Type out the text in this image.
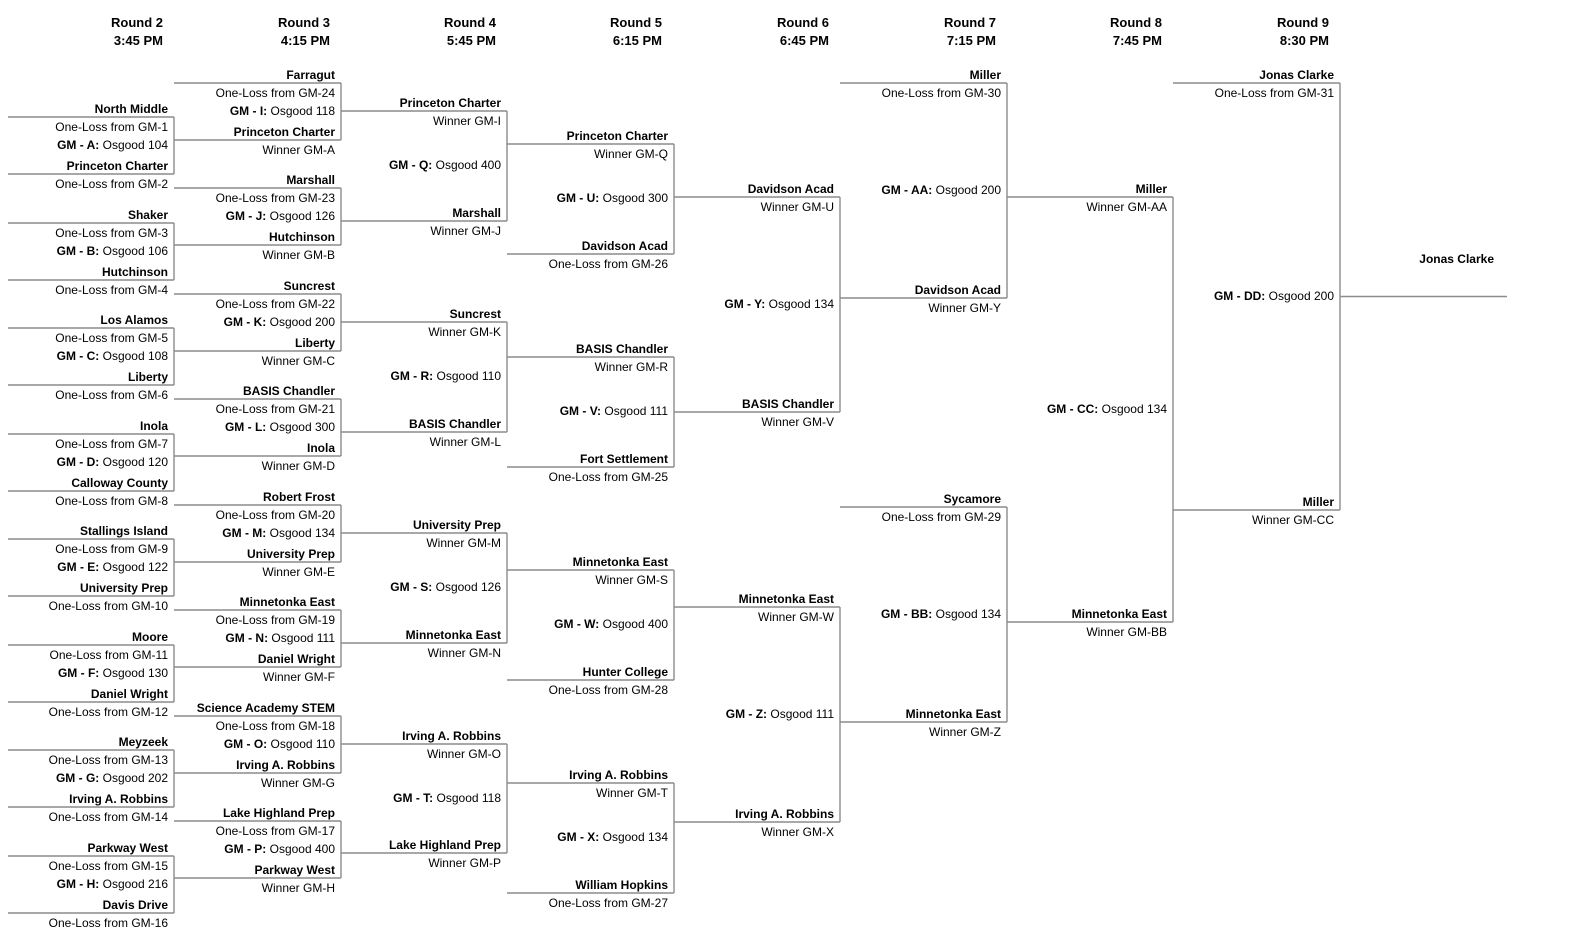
Round 2
3:45 PM
Round 3
4:15 PM
Round 4
5:45 PM
Round 5
6:15 PM
Round 6
6:45 PM
Round 7
7:15 PM
Round 8
7:45 PM
Round 9
8:30 PM
North Middle
One-Loss from GM-1
GM - A: Osgood 104
Princeton Charter
One-Loss from GM-2
Shaker
One-Loss from GM-3
GM - B: Osgood 106
Hutchinson
One-Loss from GM-4
Los Alamos
One-Loss from GM-5
GM - C: Osgood 108
Liberty
One-Loss from GM-6
Inola
One-Loss from GM-7
GM - D: Osgood 120
Calloway County
One-Loss from GM-8
Stallings Island
One-Loss from GM-9
GM - E: Osgood 122
University Prep
One-Loss from GM-10
Moore
One-Loss from GM-11
GM - F: Osgood 130
Daniel Wright
One-Loss from GM-12
Meyzeek
One-Loss from GM-13
GM - G: Osgood 202
Irving A. Robbins
One-Loss from GM-14
Parkway West
One-Loss from GM-15
GM - H: Osgood 216
Davis Drive
One-Loss from GM-16
Farragut
One-Loss from GM-24
GM - I: Osgood 118
Princeton Charter
Winner GM-A
Marshall
One-Loss from GM-23
GM - J: Osgood 126
Hutchinson
Winner GM-B
Suncrest
One-Loss from GM-22
GM - K: Osgood 200
Liberty
Winner GM-C
BASIS Chandler
One-Loss from GM-21
GM - L: Osgood 300
Inola
Winner GM-D
Robert Frost
One-Loss from GM-20
GM - M: Osgood 134
University Prep
Winner GM-E
Minnetonka East
One-Loss from GM-19
GM - N: Osgood 111
Daniel Wright
Winner GM-F
Science Academy STEM
One-Loss from GM-18
GM - O: Osgood 110
Irving A. Robbins
Winner GM-G
Lake Highland Prep
One-Loss from GM-17
GM - P: Osgood 400
Parkway West
Winner GM-H
Princeton Charter
Winner GM-I
GM - Q: Osgood 400
Marshall
Winner GM-J
Suncrest
Winner GM-K
GM - R: Osgood 110
BASIS Chandler
Winner GM-L
University Prep
Winner GM-M
GM - S: Osgood 126
Minnetonka East
Winner GM-N
Irving A. Robbins
Winner GM-O
GM - T: Osgood 118
Lake Highland Prep
Winner GM-P
Princeton Charter
Winner GM-Q
GM - U: Osgood 300
Davidson Acad
One-Loss from GM-26
BASIS Chandler
Winner GM-R
GM - V: Osgood 111
Fort Settlement
One-Loss from GM-25
Minnetonka East
Winner GM-S
GM - W: Osgood 400
Hunter College
One-Loss from GM-28
Irving A. Robbins
Winner GM-T
GM - X: Osgood 134
William Hopkins
One-Loss from GM-27
Davidson Acad
Winner GM-U
GM - Y: Osgood 134
BASIS Chandler
Winner GM-V
Minnetonka East
Winner GM-W
GM - Z: Osgood 111
Irving A. Robbins
Winner GM-X
Miller
One-Loss from GM-30
GM - AA: Osgood 200
Davidson Acad
Winner GM-Y
Sycamore
One-Loss from GM-29
GM - BB: Osgood 134
Minnetonka East
Winner GM-Z
Miller
Winner GM-AA
GM - CC: Osgood 134
Minnetonka East
Winner GM-BB
Jonas Clarke
One-Loss from GM-31
GM - DD: Osgood 200
Miller
Winner GM-CC
Jonas Clarke
